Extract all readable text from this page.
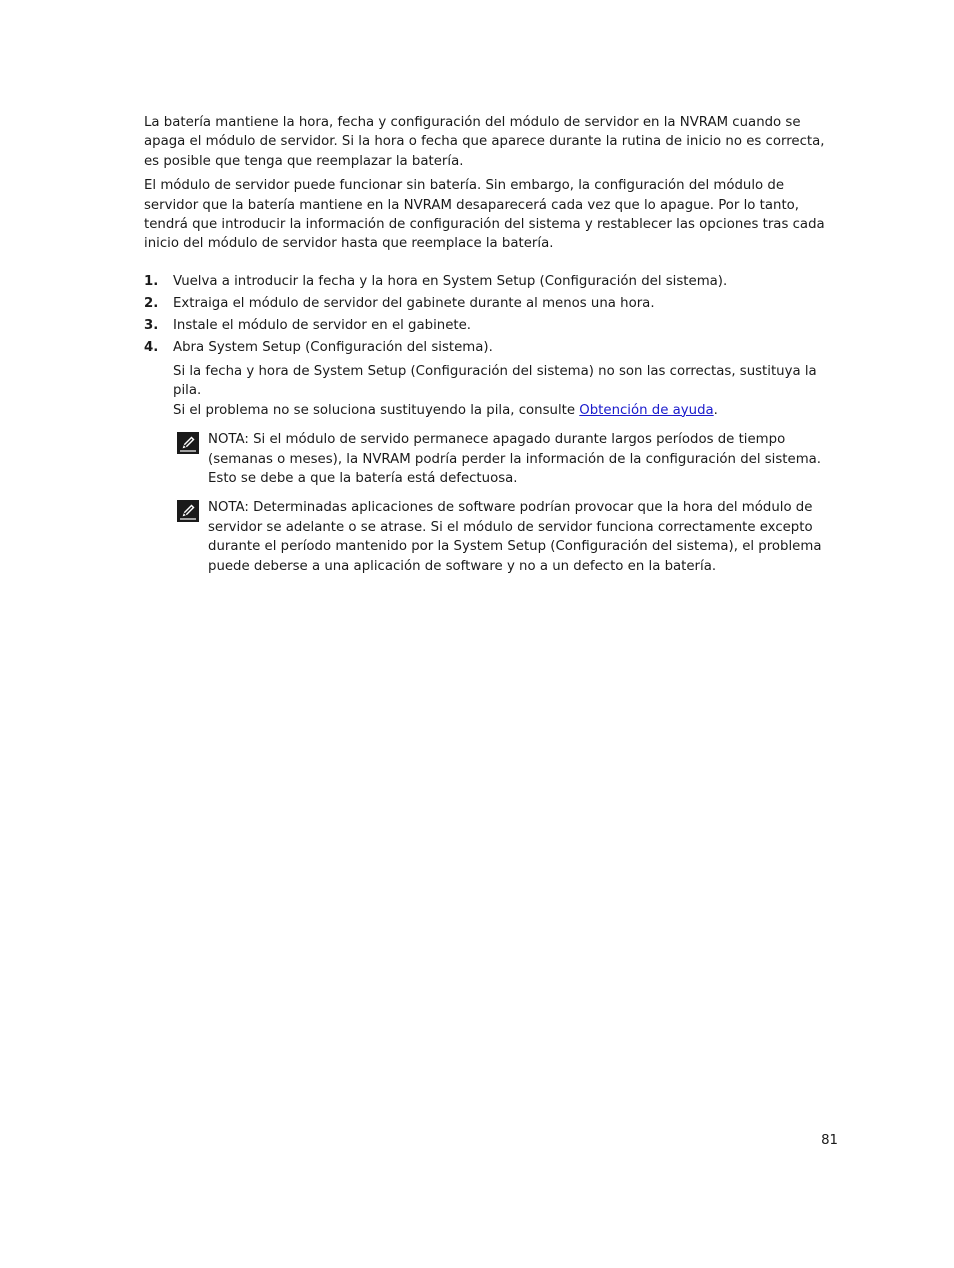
La batería mantiene la hora, fecha y configuración del módulo de servidor en la NVRAM cuando se apaga el módulo de servidor. Si la hora o fecha que aparece durante la rutina de inicio no es correcta, es posible que tenga que reemplazar la batería.

El módulo de servidor puede funcionar sin batería. Sin embargo, la configuración del módulo de servidor que la batería mantiene en la NVRAM desaparecerá cada vez que lo apague. Por lo tanto, tendrá que introducir la información de configuración del sistema y restablecer las opciones tras cada inicio del módulo de servidor hasta que reemplace la batería.

1. Vuelva a introducir la fecha y la hora en System Setup (Configuración del sistema).
2. Extraiga el módulo de servidor del gabinete durante al menos una hora.
3. Instale el módulo de servidor en el gabinete.
4. Abra System Setup (Configuración del sistema).
Si la fecha y hora de System Setup (Configuración del sistema) no son las correctas, sustituya la pila.
Si el problema no se soluciona sustituyendo la pila, consulte Obtención de ayuda.
NOTA: Si el módulo de servido permanece apagado durante largos períodos de tiempo (semanas o meses), la NVRAM podría perder la información de la configuración del sistema. Esto se debe a que la batería está defectuosa.
NOTA: Determinadas aplicaciones de software podrían provocar que la hora del módulo de servidor se adelante o se atrase. Si el módulo de servidor funciona correctamente excepto durante el período mantenido por la System Setup (Configuración del sistema), el problema puede deberse a una aplicación de software y no a un defecto en la batería.
81
